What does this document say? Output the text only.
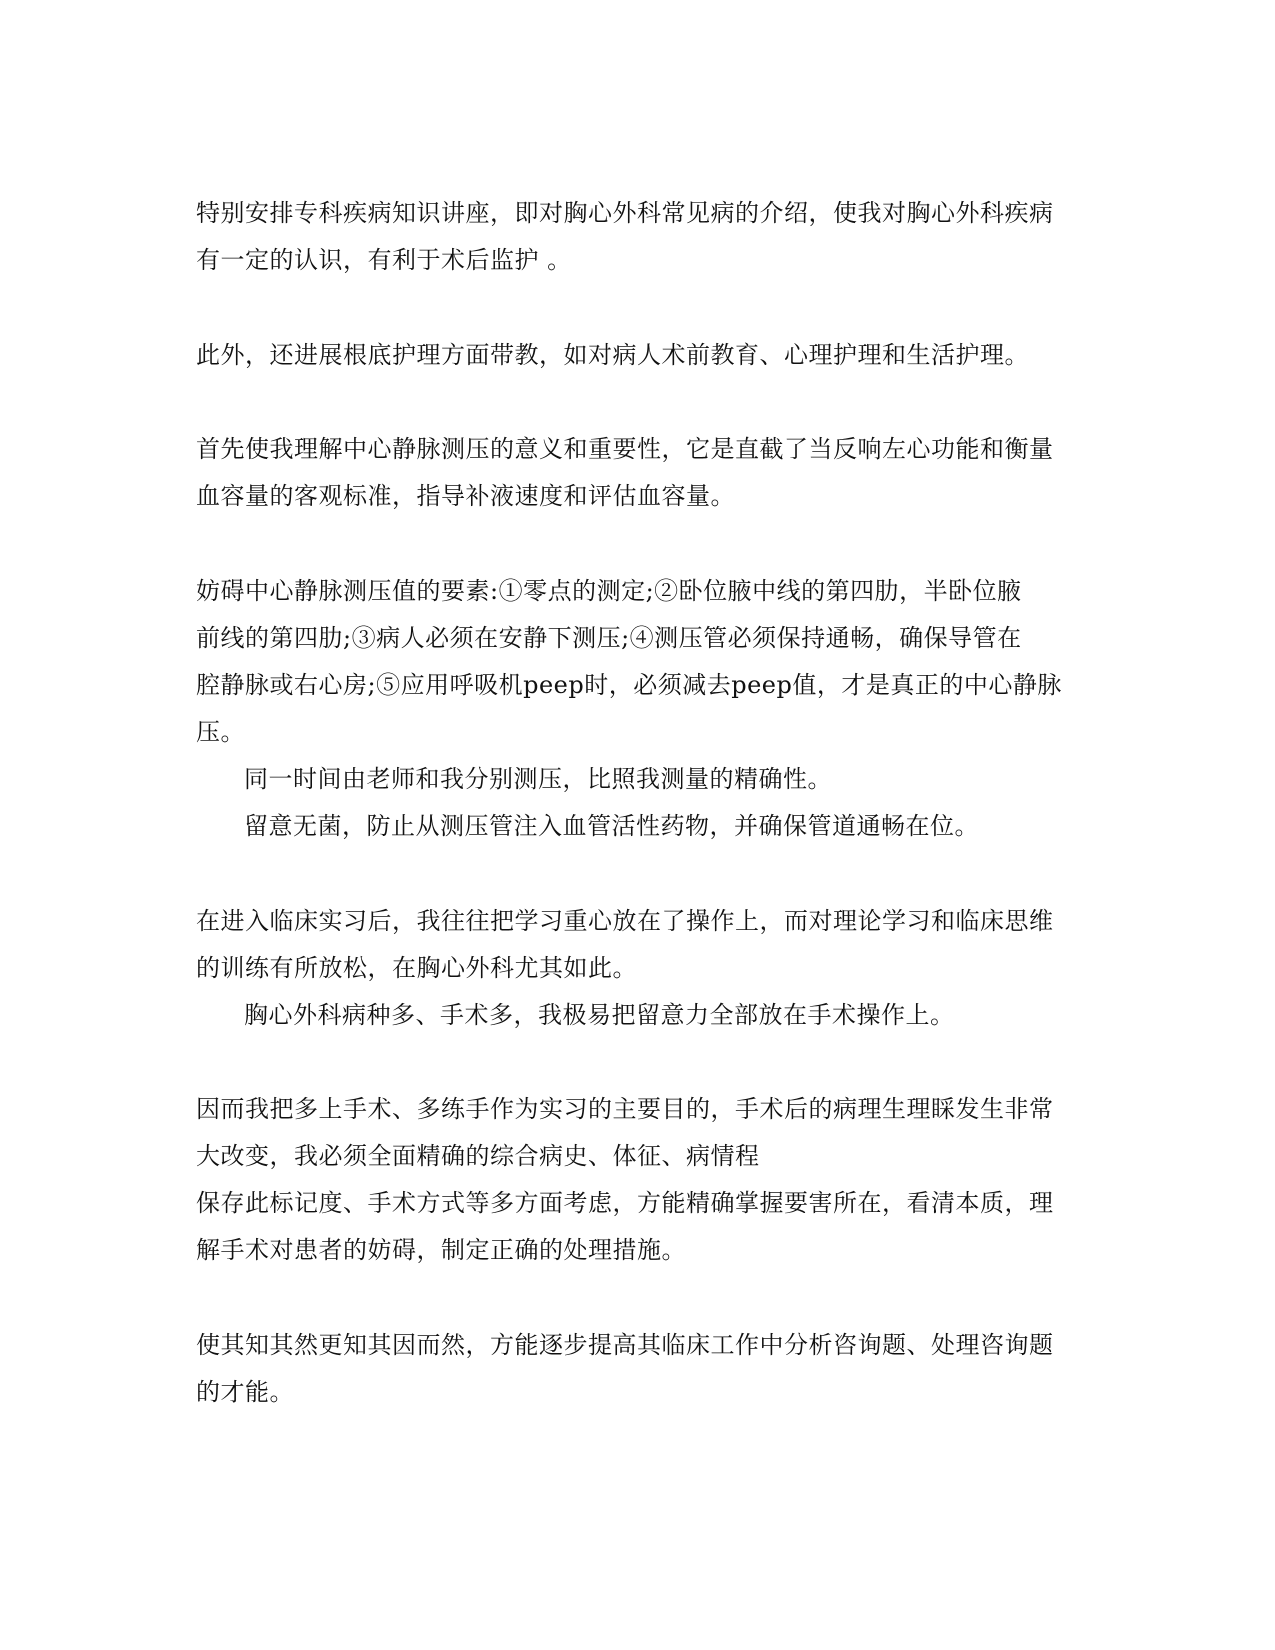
特别安排专科疾病知识讲座，即对胸心外科常见病的介绍，使我对胸心外科疾病
有一定的认识，有利于术后监护 。
此外，还进展根底护理方面带教，如对病人术前教育、心理护理和生活护理。
首先使我理解中心静脉测压的意义和重要性，它是直截了当反响左心功能和衡量
血容量的客观标准，指导补液速度和评估血容量。
妨碍中心静脉测压值的要素:①零点的测定;②卧位腋中线的第四肋，半卧位腋
前线的第四肋;③病人必须在安静下测压;④测压管必须保持通畅，确保导管在
腔静脉或右心房;⑤应用呼吸机peep时，必须减去peep值，才是真正的中心静脉
压。
同一时间由老师和我分别测压，比照我测量的精确性。
留意无菌，防止从测压管注入血管活性药物，并确保管道通畅在位。
在进入临床实习后，我往往把学习重心放在了操作上，而对理论学习和临床思维
的训练有所放松，在胸心外科尤其如此。
胸心外科病种多、手术多，我极易把留意力全部放在手术操作上。
因而我把多上手术、多练手作为实习的主要目的，手术后的病理生理睬发生非常
大改变，我必须全面精确的综合病史、体征、病情程
保存此标记度、手术方式等多方面考虑，方能精确掌握要害所在，看清本质，理
解手术对患者的妨碍，制定正确的处理措施。
使其知其然更知其因而然，方能逐步提高其临床工作中分析咨询题、处理咨询题
的才能。
